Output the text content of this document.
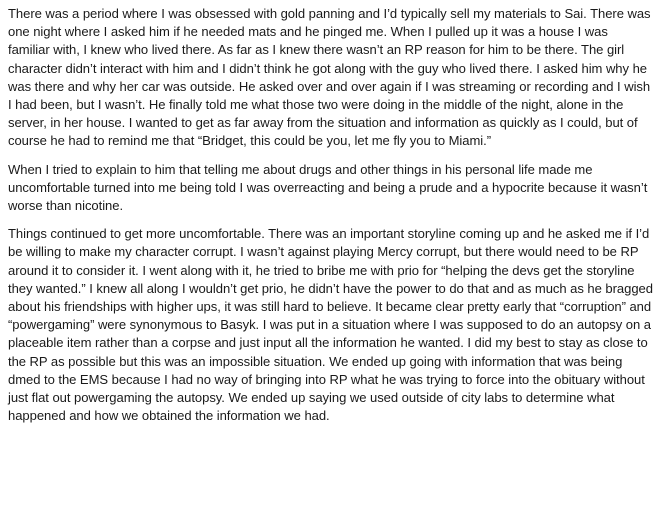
There was a period where I was obsessed with gold panning and I’d typically sell my materials to Sai. There was one night where I asked him if he needed mats and he pinged me. When I pulled up it was a house I was familiar with, I knew who lived there. As far as I knew there wasn’t an RP reason for him to be there. The girl character didn’t interact with him and I didn’t think he got along with the guy who lived there. I asked him why he was there and why her car was outside. He asked over and over again if I was streaming or recording and I wish I had been, but I wasn’t. He finally told me what those two were doing in the middle of the night, alone in the server, in her house. I wanted to get as far away from the situation and information as quickly as I could, but of course he had to remind me that “Bridget, this could be you, let me fly you to Miami.”

When I tried to explain to him that telling me about drugs and other things in his personal life made me uncomfortable turned into me being told I was overreacting and being a prude and a hypocrite because it wasn’t worse than nicotine.

Things continued to get more uncomfortable. There was an important storyline coming up and he asked me if I’d be willing to make my character corrupt. I wasn’t against playing Mercy corrupt, but there would need to be RP around it to consider it. I went along with it, he tried to bribe me with prio for “helping the devs get the storyline they wanted.” I knew all along I wouldn’t get prio, he didn’t have the power to do that and as much as he bragged about his friendships with higher ups, it was still hard to believe. It became clear pretty early that “corruption” and “powergaming” were synonymous to Basyk. I was put in a situation where I was supposed to do an autopsy on a placeable item rather than a corpse and just input all the information he wanted. I did my best to stay as close to the RP as possible but this was an impossible situation. We ended up going with information that was being dmed to the EMS because I had no way of bringing into RP what he was trying to force into the obituary without just flat out powergaming the autopsy. We ended up saying we used outside of city labs to determine what happened and how we obtained the information we had.
